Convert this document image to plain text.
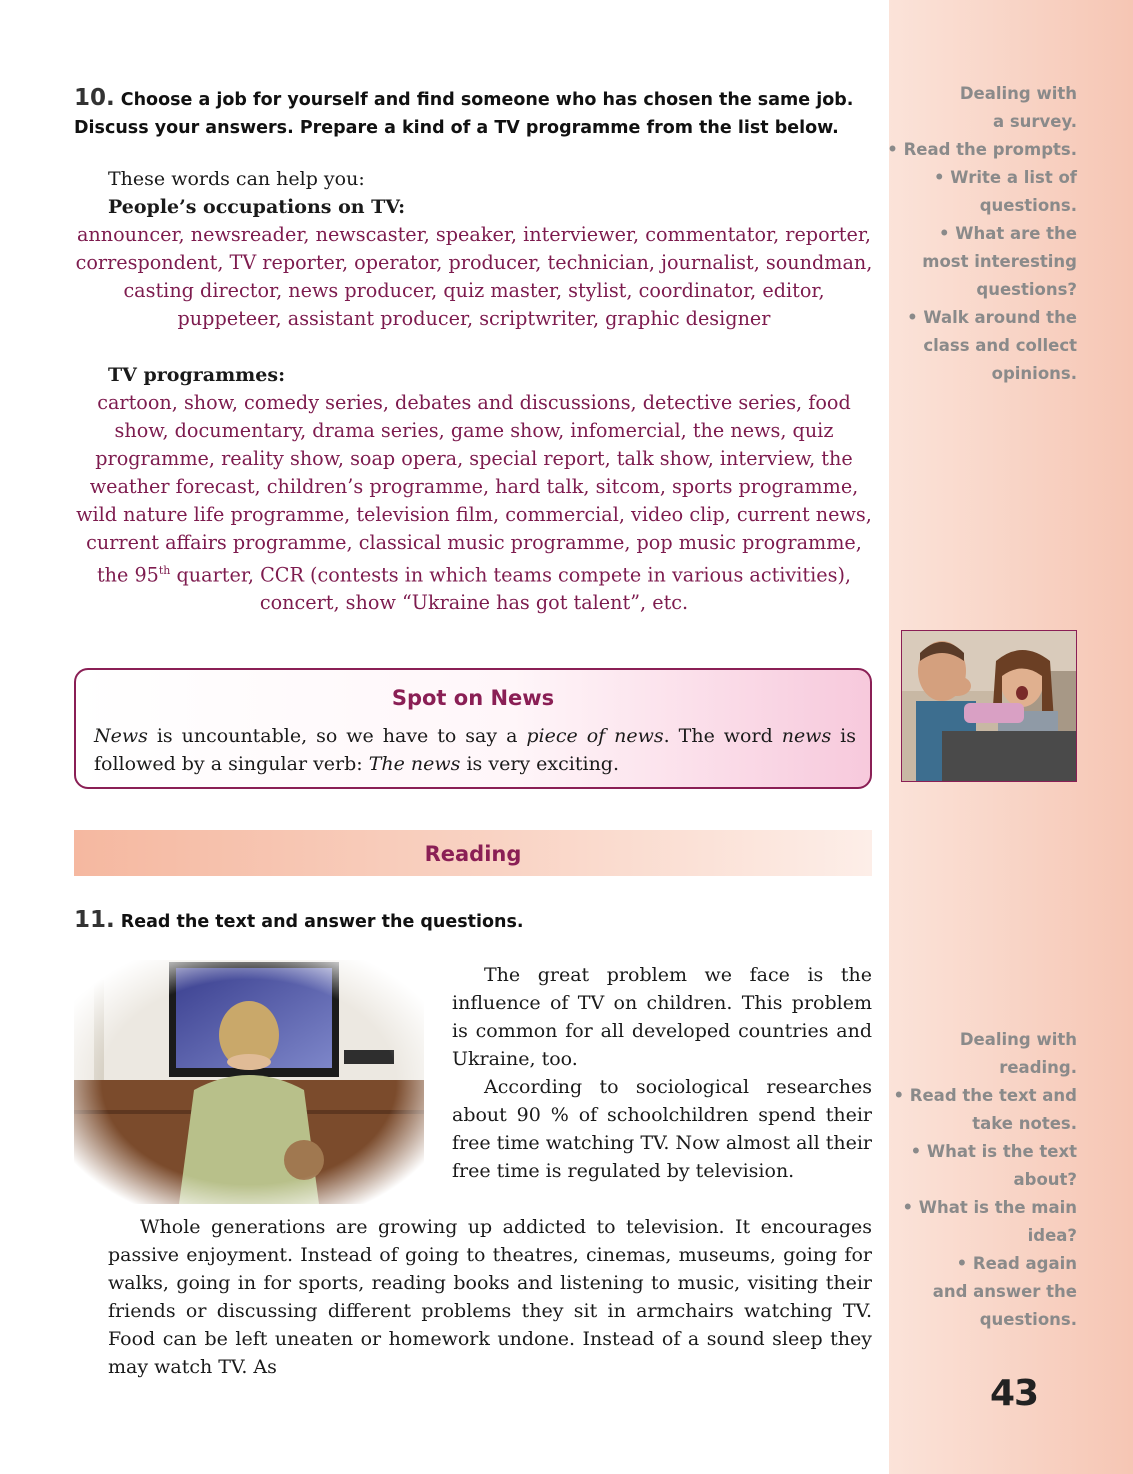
Dealing with
a survey.
• Read the prompts.
• Write a list of
questions.
• What are the
most interesting
questions?
• Walk around the
class and collect
opinions.
Dealing with
reading.
• Read the text and
take notes.
• What is the text
about?
• What is the main
idea?
• Read again
and answer the
questions.
43
10. Choose a job for yourself and find someone who has chosen the same job. Discuss your answers. Prepare a kind of a TV programme from the list below.
These words can help you:
People’s occupations on TV:
announcer, newsreader, newscaster, speaker, interviewer, commentator, reporter, correspondent, TV reporter, operator, producer, technician, journalist, soundman, casting director, news producer, quiz master, stylist, coordinator, editor, puppeteer, assistant producer, scriptwriter, graphic designer
TV programmes:
cartoon, show, comedy series, debates and discussions, detective series, food show, documentary, drama series, game show, infomercial, the news, quiz programme, reality show, soap opera, special report, talk show, interview, the weather forecast, children’s programme, hard talk, sitcom, sports programme, wild nature life programme, television film, commercial, video clip, current news, current affairs programme, classical music programme, pop music programme, the 95th quarter, CCR (contests in which teams compete in various activities), concert, show “Ukraine has got talent”, etc.
Spot on News
News is uncountable, so we have to say a piece of news. The word news is followed by a singular verb: The news is very exciting.
Reading
11. Read the text and answer the questions.

The great problem we face is the influence of TV on children. This problem is common for all developed countries and Ukraine, too.

According to sociological researches about 90 % of schoolchildren spend their free time watching TV. Now almost all their free time is regulated by television.

Whole generations are growing up addicted to television. It encourages passive enjoyment. Instead of going to theatres, cinemas, museums, going for walks, going in for sports, reading books and listening to music, visiting their friends or discussing different problems they sit in armchairs watching TV. Food can be left uneaten or homework undone. Instead of a sound sleep they may watch TV. As
